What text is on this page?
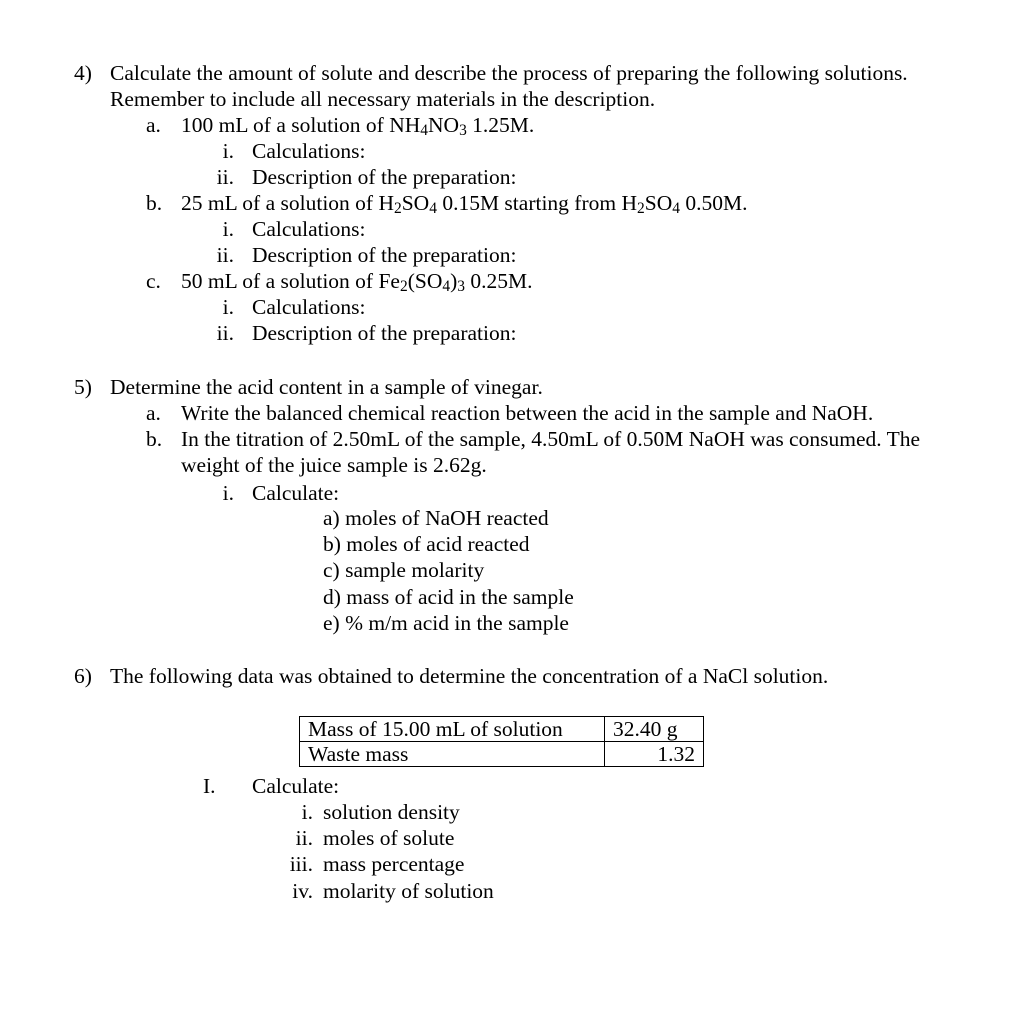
4) Calculate the amount of solute and describe the process of preparing the following solutions.
Remember to include all necessary materials in the description.
a. 100 mL of a solution of $NH_4NO_3$ 1.25M.
i. Calculations:
ii. Description of the preparation:
b. 25 mL of a solution of $H_2SO_4$ 0.15M starting from $H_2SO_4$ 0.50M.
i. Calculations:
ii. Description of the preparation:
c. 50 mL of a solution of $Fe_2(SO_4)_3$ 0.25M.
i. Calculations:
ii. Description of the preparation:
5) Determine the acid content in a sample of vinegar.
a. Write the balanced chemical reaction between the acid in the sample and NaOH.
b. In the titration of 2.50mL of the sample, 4.50mL of 0.50M NaOH was consumed. The
weight of the juice sample is 2.62g.
i. Calculate:
a) moles of NaOH reacted
b) moles of acid reacted
c) sample molarity
d) mass of acid in the sample
e) % m/m acid in the sample
6) The following data was obtained to determine the concentration of a NaCl solution.
Mass of 15.00 mL of solution	32.40 g
Waste mass	1.32
I. Calculate:
i. solution density
ii. moles of solute
iii. mass percentage
iv. molarity of solution
